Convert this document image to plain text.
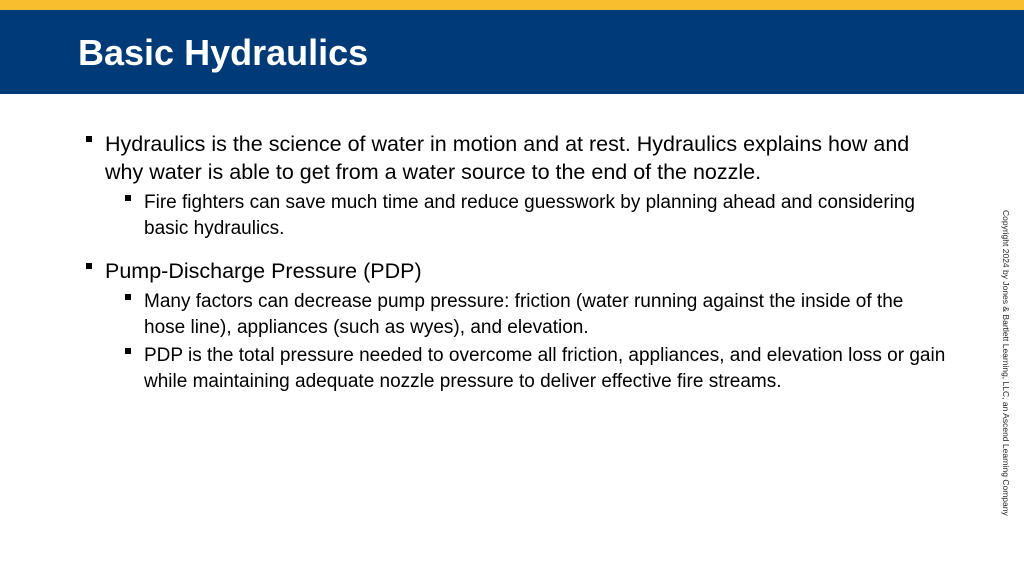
Basic Hydraulics
Hydraulics is the science of water in motion and at rest. Hydraulics explains how and why water is able to get from a water source to the end of the nozzle.
Fire fighters can save much time and reduce guesswork by planning ahead and considering basic hydraulics.
Pump-Discharge Pressure (PDP)
Many factors can decrease pump pressure: friction (water running against the inside of the hose line), appliances (such as wyes), and elevation.
PDP is the total pressure needed to overcome all friction, appliances, and elevation loss or gain while maintaining adequate nozzle pressure to deliver effective fire streams.	Copyright 2024 by Jones & Bartlett Learning, LLC, an Ascend Learning Company
